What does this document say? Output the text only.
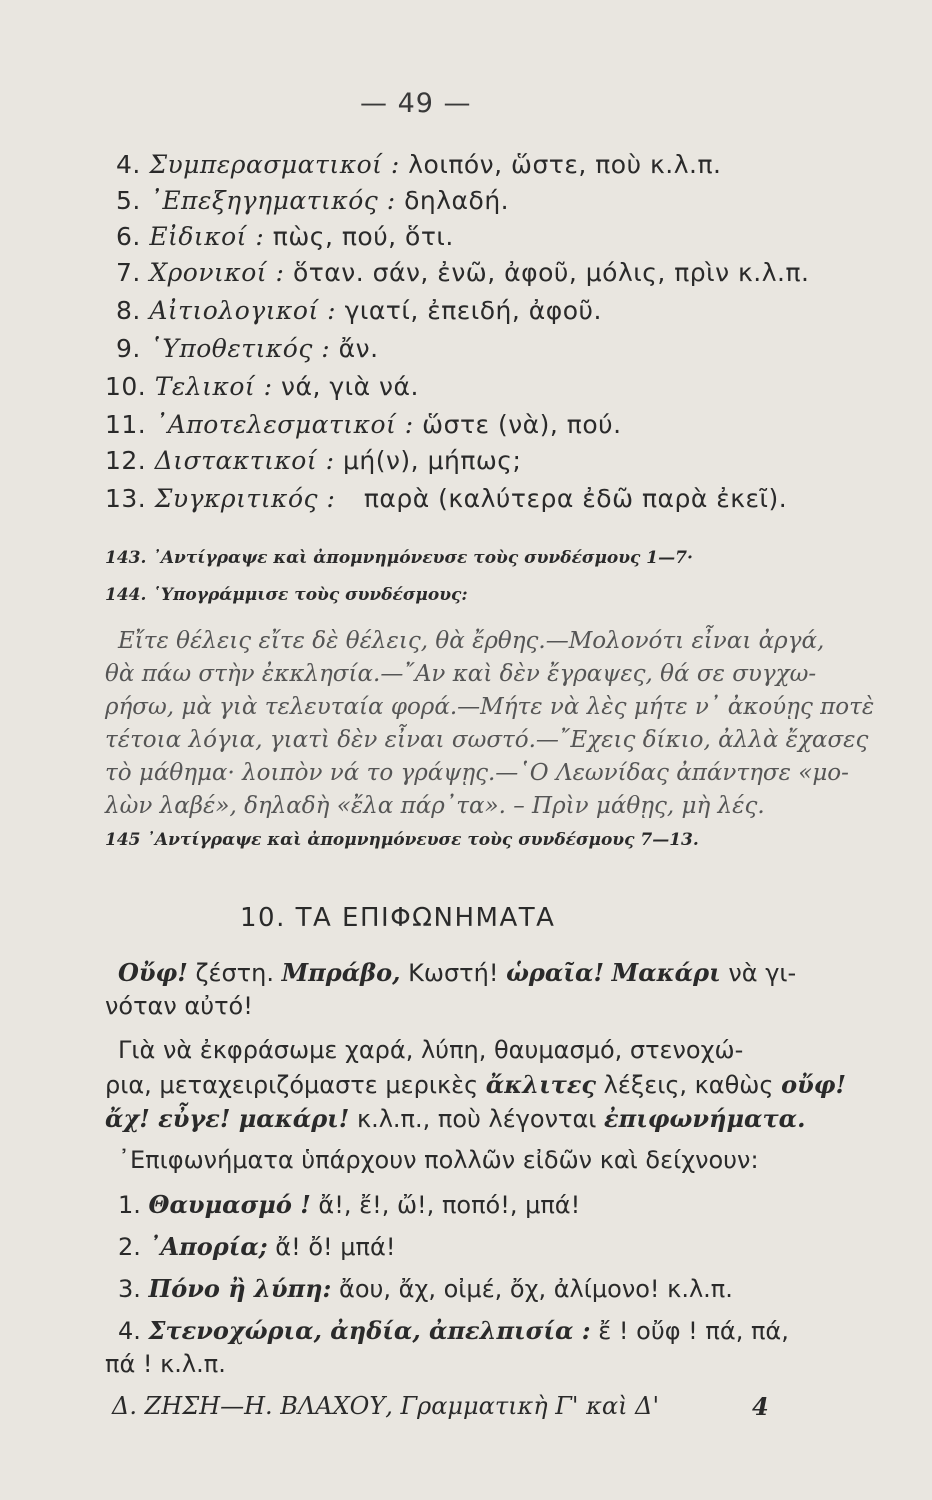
— 49 —
4. Συμπερασματικοί : λοιπόν, ὥστε, ποὺ κ.λ.π.
5. ᾿Επεξηγηματικός : δηλαδή.
6. Εἰδικοί : πὼς, πού, ὅτι.
7. Χρονικοί : ὅταν. σάν, ἐνῶ, ἀφοῦ, μόλις, πρὶν κ.λ.π.
8. Αἰτιολογικοί : γιατί, ἐπειδή, ἀφοῦ.
9. ῾Υποθετικός : ἄν.
10. Τελικοί : νά, γιὰ νά.
11. ᾿Αποτελεσματικοί : ὥστε (νὰ), πού.
12. Διστακτικοί : μή(ν), μήπως;
13. Συγκριτικός : παρὰ (καλύτερα ἐδῶ παρὰ ἐκεῖ).
143. ᾿Αντίγραψε καὶ ἀπομνημόνευσε τοὺς συνδέσμους 1—7·
144. ῾Υπογράμμισε τοὺς συνδέσμους:
Εἴτε θέλεις εἴτε δὲ θέλεις, θὰ ἔρθης.—Μολονότι εἶναι ἀργά,
θὰ πάω στὴν ἐκκλησία.—῎Αν καὶ δὲν ἔγραψες, θά σε συγχω-
ρήσω, μὰ γιὰ τελευταία φορά.—Μήτε νὰ λὲς μήτε ν᾿ ἀκούῃς ποτὲ
τέτοια λόγια, γιατὶ δὲν εἶναι σωστό.—῎Εχεις δίκιο, ἀλλὰ ἔχασες
τὸ μάθημα· λοιπὸν νά το γράψῃς.—῾Ο Λεωνίδας ἀπάντησε «μο-
λὼν λαβέ», δηλαδὴ «ἔλα πάρ᾿τα». – Πρὶν μάθῃς, μὴ λές.
145 ᾿Αντίγραψε καὶ ἀπομνημόνευσε τοὺς συνδέσμους 7—13.
10. ΤΑ ΕΠΙΦΩΝΗΜΑΤΑ
Οὔφ! ζέστη. Μπράβο, Κωστή! ὡραῖα! Μακάρι νὰ γι-
νόταν αὐτό!
Γιὰ νὰ ἐκφράσωμε χαρά, λύπη, θαυμασμό, στενοχώ-
ρια, μεταχειριζόμαστε μερικὲς ἄκλιτες λέξεις, καθὼς οὔφ!
ἄχ! εὖγε! μακάρι! κ.λ.π., ποὺ λέγονται ἐπιφωνήματα.
᾿Επιφωνήματα ὑπάρχουν πολλῶν εἰδῶν καὶ δείχνουν:
1. Θαυμασμό ! ἄ!, ἔ!, ὤ!, ποπό!, μπά!
2. ᾿Απορία; ἄ! ὄ! μπά!
3. Πόνο ἢ λύπη: ἄου, ἄχ, οἰμέ, ὄχ, ἀλίμονο! κ.λ.π.
4. Στενοχώρια, ἀηδία, ἀπελπισία : ἔ ! οὔφ ! πά, πά,
πά ! κ.λ.π.
Δ. ΖΗΣΗ—Η. ΒΛΑΧΟΥ, Γραμματικὴ Γ' καὶ Δ'	4
